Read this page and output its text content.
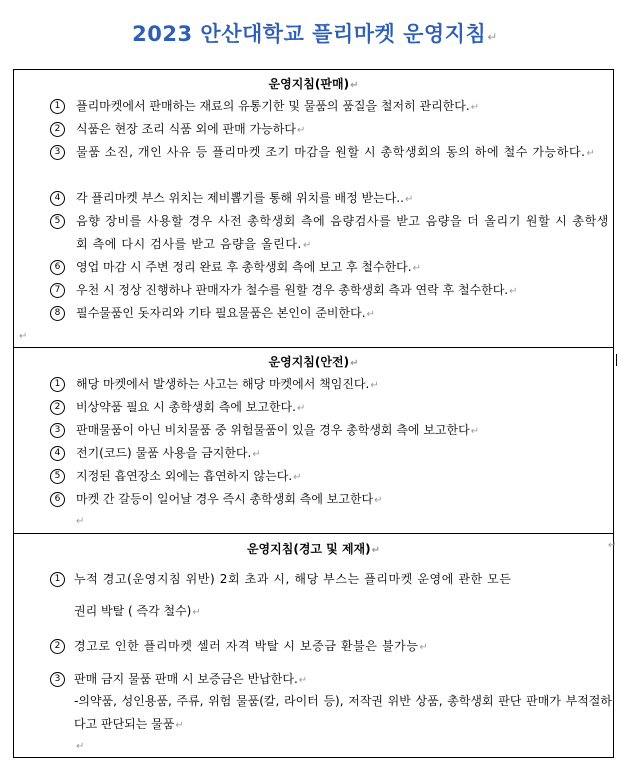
2023 안산대학교 플리마켓 운영지침↵
운영지침(판매)↵
1	플리마켓에서 판매하는 재료의 유통기한 및 물품의 품질을 철저히 관리한다.↵
2	식품은 현장 조리 식품 외에 판매 가능하다↵
3	물품 소진, 개인 사유 등 플리마켓 조기 마감을 원할 시 총학생회의 동의 하에 철수 가능하다.↵
4	각 플리마켓 부스 위치는 제비뽑기를 통해 위치를 배정 받는다..↵
5	음향 장비를 사용할 경우 사전 총학생회 측에 음량검사를 받고 음량을 더 올리기 원할 시 총학생회 측에 다시 검사를 받고 음량을 올린다.↵
6	영업 마감 시 주변 정리 완료 후 총학생회 측에 보고 후 철수한다.↵
7	우천 시 정상 진행하나 판매자가 철수를 원할 경우 총학생회 측과 연락 후 철수한다.↵
8	필수물품인 돗자리와 기타 필요물품은 본인이 준비한다.↵
↵
운영지침(안전)↵
1	해당 마켓에서 발생하는 사고는 해당 마켓에서 책임진다.↵
2	비상약품 필요 시 총학생회 측에 보고한다.↵
3	판매물품이 아닌 비치물품 중 위험물품이 있을 경우 총학생회 측에 보고한다↵
4	전기(코드) 물품 사용을 금지한다.↵
5	지정된 흡연장소 외에는 흡연하지 않는다.↵
6	마켓 간 갈등이 일어날 경우 즉시 총학생회 측에 보고한다↵
↵
운영지침(경고 및 제재)↵	↵
1	누적 경고(운영지침 위반) 2회 초과 시, 해당 부스는 플리마켓 운영에 관한 모든
권리 박탈 ( 즉각 철수)↵
2	경고로 인한 플리마켓 셀러 자격 박탈 시 보증금 환불은 불가능↵
3	판매 금지 물품 판매 시 보증금은 반납한다.↵
-의약품, 성인용품, 주류, 위험 물품(칼, 라이터 등), 저작권 위반 상품, 총학생회 판단 판매가 부적절하다고 판단되는 물품↵
↵
